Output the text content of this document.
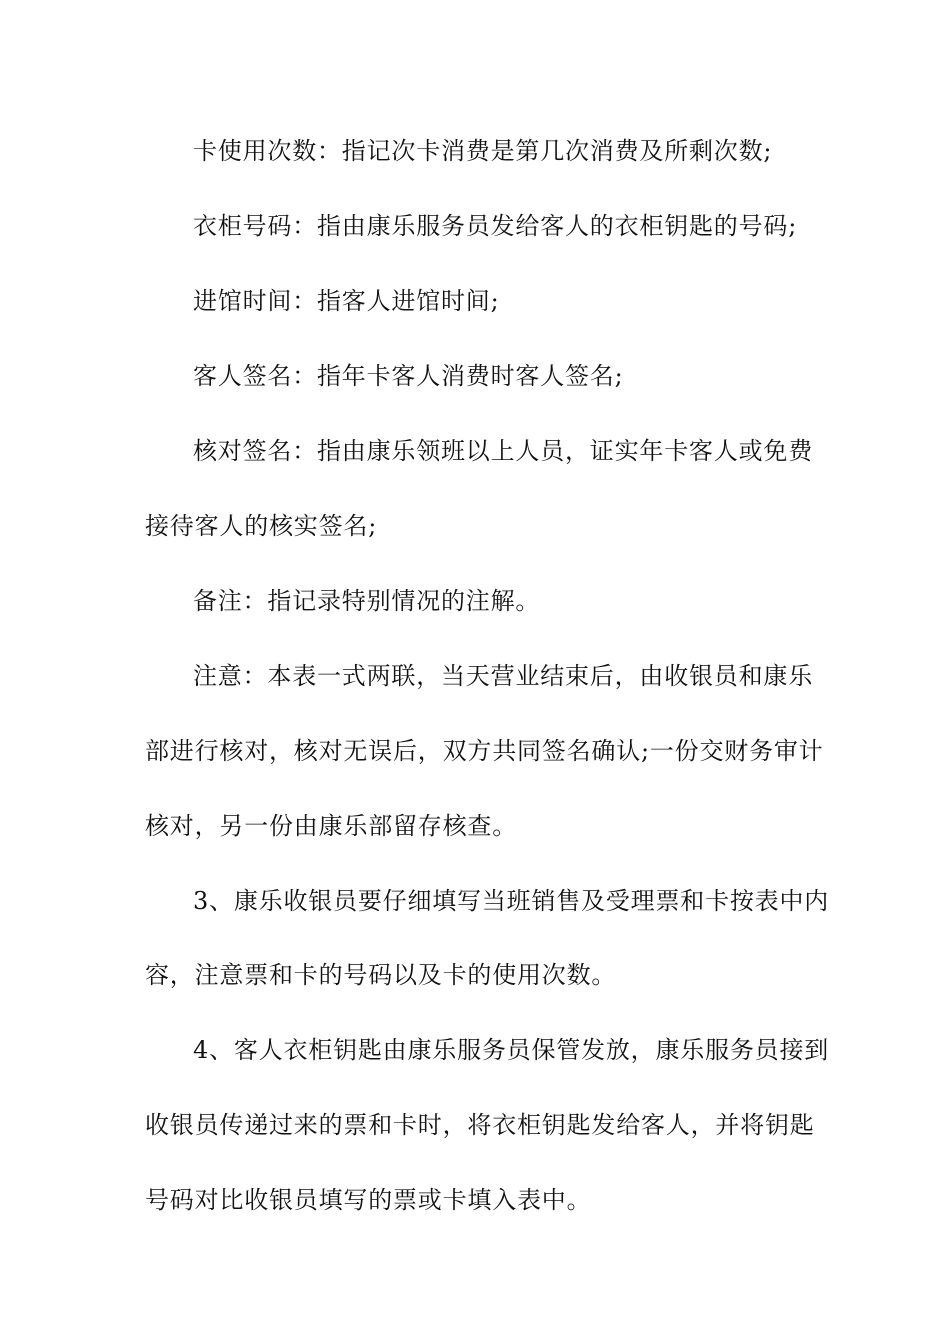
卡使用次数：指记次卡消费是第几次消费及所剩次数;
衣柜号码：指由康乐服务员发给客人的衣柜钥匙的号码;
进馆时间：指客人进馆时间;
客人签名：指年卡客人消费时客人签名;
核对签名：指由康乐领班以上人员，证实年卡客人或免费
接待客人的核实签名;
备注：指记录特别情况的注解。
注意：本表一式两联，当天营业结束后，由收银员和康乐
部进行核对，核对无误后，双方共同签名确认;一份交财务审计
核对，另一份由康乐部留存核查。
3、康乐收银员要仔细填写当班销售及受理票和卡按表中内
容，注意票和卡的号码以及卡的使用次数。
4、客人衣柜钥匙由康乐服务员保管发放，康乐服务员接到
收银员传递过来的票和卡时，将衣柜钥匙发给客人，并将钥匙
号码对比收银员填写的票或卡填入表中。
